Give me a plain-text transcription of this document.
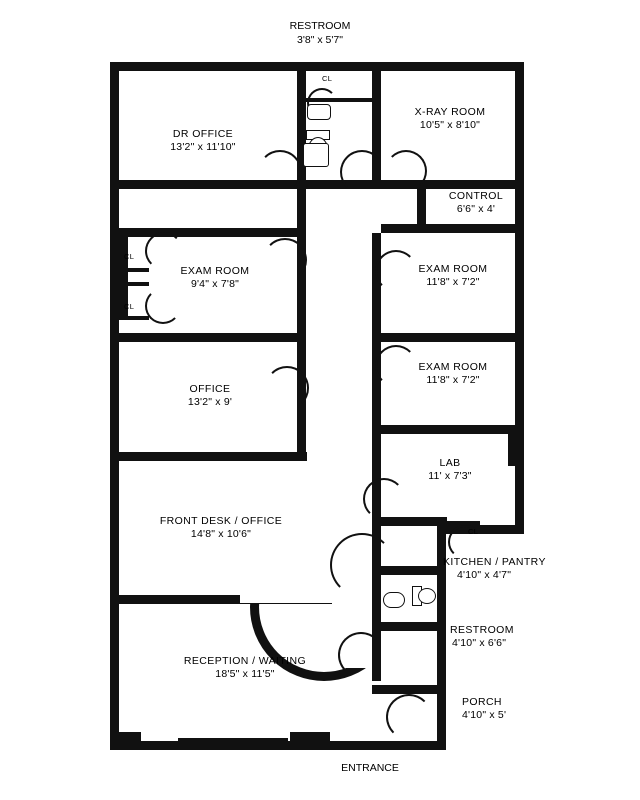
RESTROOM
3'8" x 5'7"
DR OFFICE
13'2" x 11'10"
X-RAY ROOM
10'5" x 8'10"
CONTROL
6'6" x 4'
EXAM ROOM
9'4" x 7'8"
EXAM ROOM
11'8" x 7'2"
EXAM ROOM
11'8" x 7'2"
OFFICE
13'2" x 9'
LAB
11' x 7'3"
FRONT DESK / OFFICE
14'8" x 10'6"
KITCHEN / PANTRY
4'10" x 4'7"
RECEPTION / WAITING
18'5" x 11'5"
RESTROOM
4'10" x 6'6"
PORCH
4'10" x 5'
CL
CL
CL
CL
ENTRANCE
